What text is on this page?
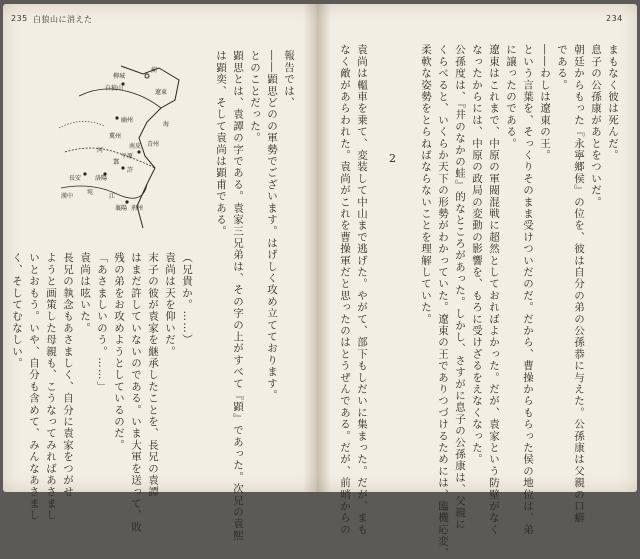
235 白狼山に消えた	234
薊
柳城
白狼山
遼東
幽州
冀州
青州
河
南皮
平原
鄴
許
洛陽
長安
漢中	江
襄陽 荊州
宛
海
報告では、
――顕思どのの軍勢でございます。はげしく攻め立てております。
とのことだった。
顕思とは、袁譚の字である。袁家三兄弟は、その字の上がすべて『顕』であった。次兄の袁熙
は顕奕、そして袁尚は顕甫である。
（兄貴か。……）
袁尚は天を仰いだ。
末子の彼が袁家を継承したことを、長兄の袁譚
はまだ許していないのである。いま大軍を送って、敗
残の弟をお攻めようとしているのだ。
「あさましいのう。……」
袁尚は呟いた。
長兄の執念もあさましく、自分に袁家をつがせ
ようと画策した母親も、こうなってみればあさまし
いとおもう。いや、自分も含めて、みんなあさまし
く、そしてむなしい。
まもなく彼は死んだ。
息子の公孫康があとをついだ。
朝廷からもった『永寧郷侯』の位を、彼は自分の弟の公孫恭に与えた。公孫康は父親の口癖
である。
――わしは遼東の王。
という言葉を、そっくりそのまま受けついだのだ。だから、曹操からもらった侯の地位は、弟
に譲ったのである。
遼東はこれまで、中原の軍閥混戦に超然としておればよかった。だが、袁家という防壁がなく
なったからには、中原の政局の変動の影響を、もろに受けざるをえなくなった。
公孫度は、『井のなかの蛙』的なところがあった。しかし、さすがに息子の公孫康は、父親に
くらべると、いくらか天下の形勢がわかっていた。遼東の王でありつづけるためには、臨機応変、
柔軟な姿勢をとらねばならないことを理解していた。
2
袁尚は轀車を乗て、変装して中山まで逃げた。やがて、部下もしだいに集まった。だが、まも
なく敵があらわれた。袁尚がこれを曹操軍だと思ったのはとうぜんである。だが、前哨からの
